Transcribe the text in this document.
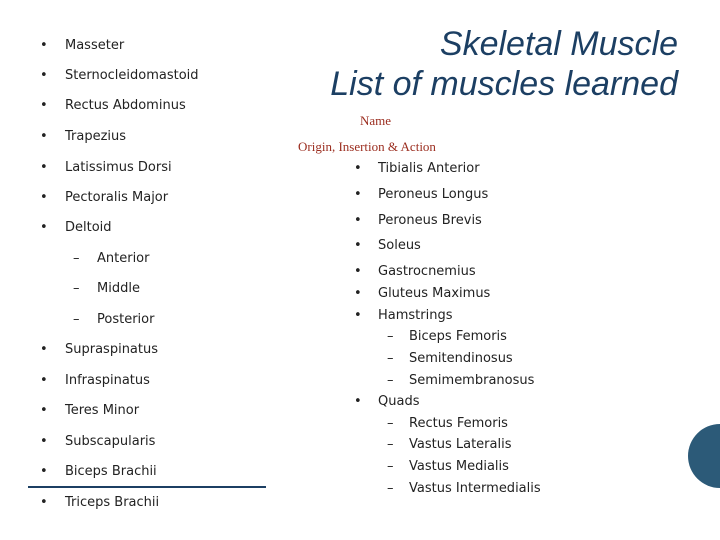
Skeletal Muscle
List of muscles learned

Name

Origin, Insertion & Action

• Masseter
• Sternocleidomastoid
• Rectus Abdominus
• Trapezius
• Latissimus Dorsi
• Pectoralis Major
• Deltoid
– Anterior
– Middle
– Posterior
• Supraspinatus
• Infraspinatus
• Teres Minor
• Subscapularis
• Biceps Brachii
• Triceps Brachii
• Tibialis Anterior
• Peroneus Longus
• Peroneus Brevis
• Soleus
• Gastrocnemius
• Gluteus Maximus
• Hamstrings
– Biceps Femoris
– Semitendinosus
– Semimembranosus
• Quads
– Rectus Femoris
– Vastus Lateralis
– Vastus Medialis
– Vastus Intermedialis
